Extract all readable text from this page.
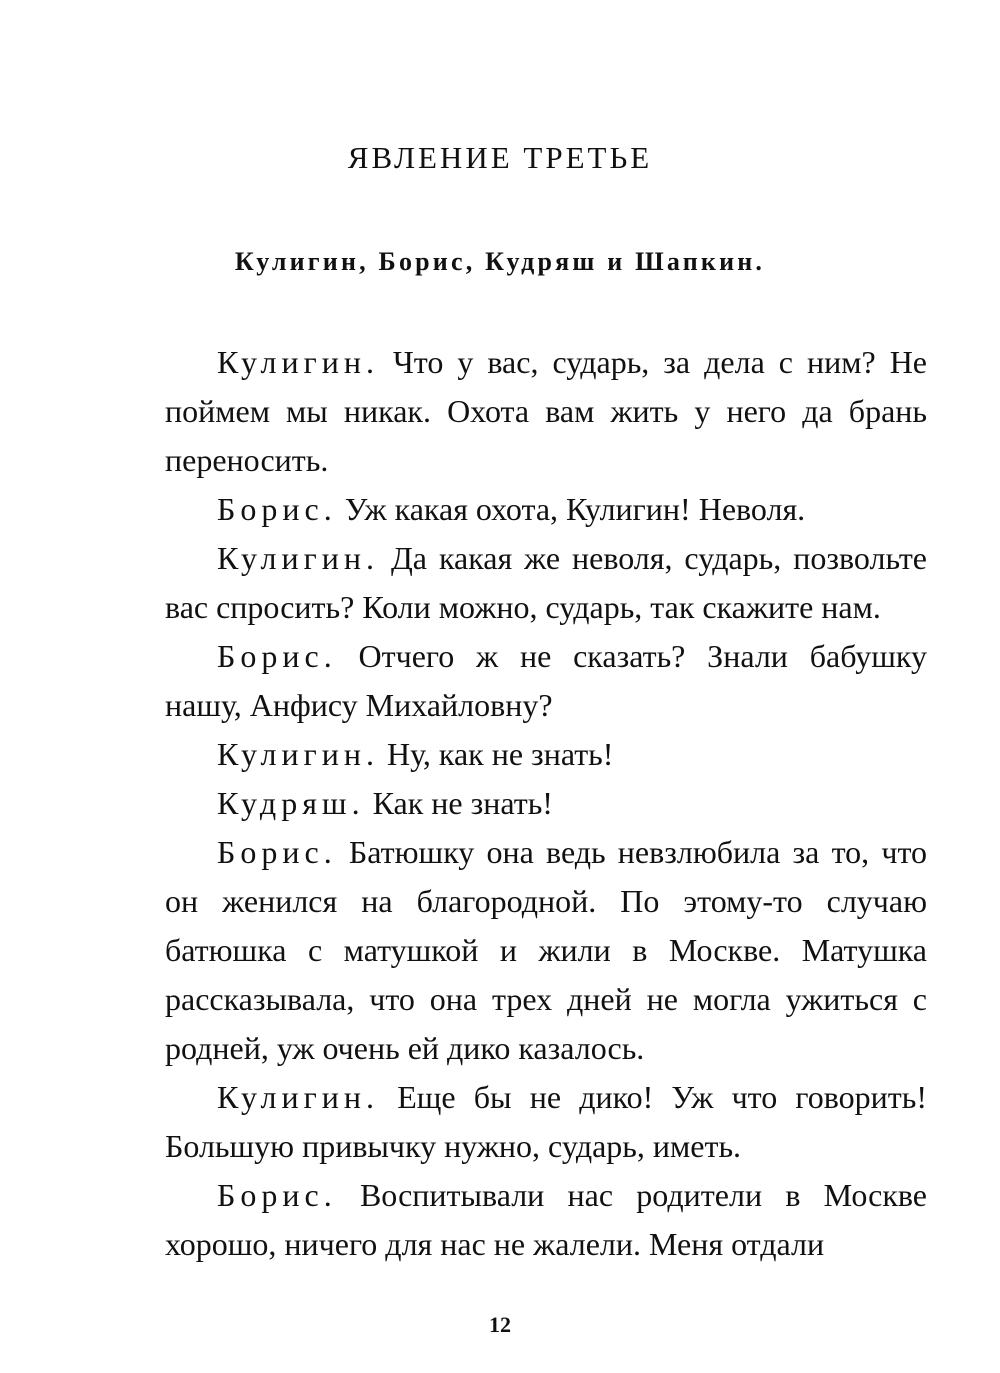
ЯВЛЕНИЕ ТРЕТЬЕ

Кулигин, Борис, Кудряш и Шапкин.

Кулигин. Что у вас, сударь, за дела с ним? Не поймем мы никак. Охота вам жить у него да брань переносить.

Борис. Уж какая охота, Кулигин! Неволя.

Кулигин. Да какая же неволя, сударь, позвольте вас спросить? Коли можно, сударь, так скажите нам.

Борис. Отчего ж не сказать? Знали бабушку нашу, Анфису Михайловну?

Кулигин. Ну, как не знать!

Кудряш. Как не знать!

Борис. Батюшку она ведь невзлюбила за то, что он женился на благородной. По этому-то случаю батюшка с матушкой и жили в Москве. Матушка рассказывала, что она трех дней не могла ужиться с родней, уж очень ей дико казалось.

Кулигин. Еще бы не дико! Уж что говорить! Большую привычку нужно, сударь, иметь.

Борис. Воспитывали нас родители в Москве хорошо, ничего для нас не жалели. Меня отдали

12
